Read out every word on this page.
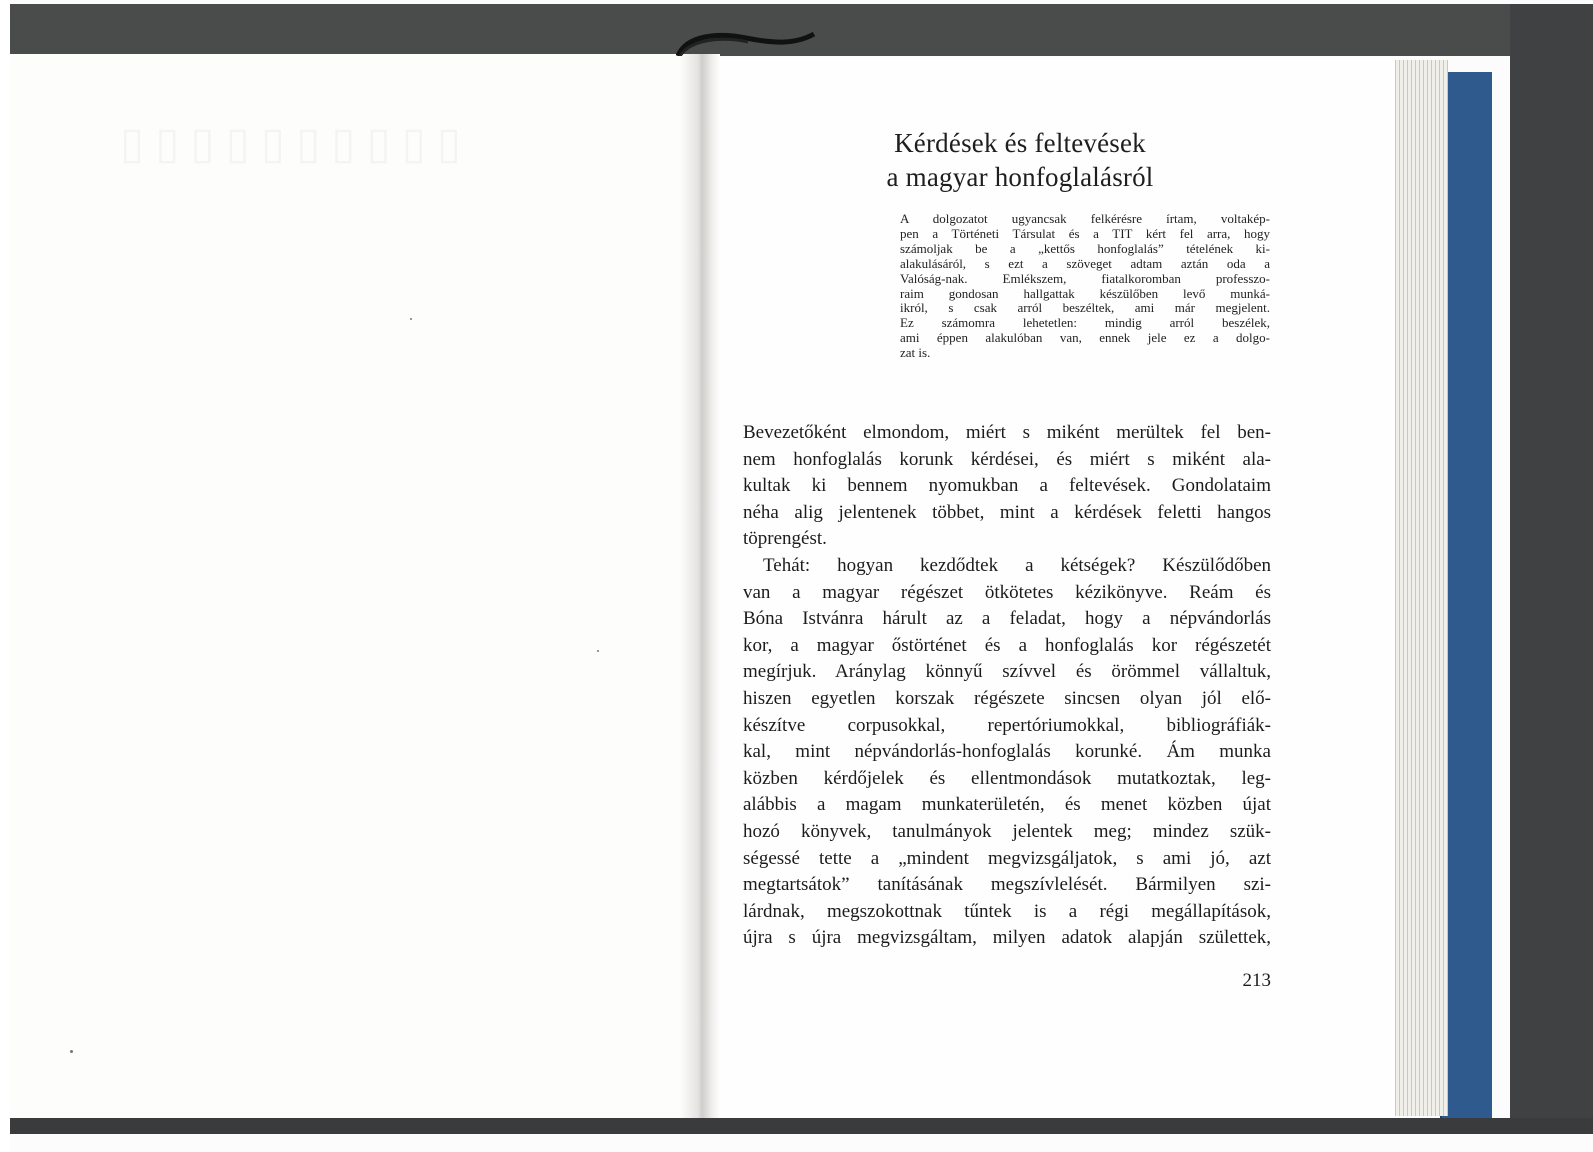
▯ ▯ ▯ ▯ ▯ ▯ ▯ ▯ ▯ ▯	Kérdések és feltevések
a magyar honfoglalásról
A dolgozatot ugyancsak felkérésre írtam, voltakép-
pen a Történeti Társulat és a TIT kért fel arra, hogy
számoljak be a „kettős honfoglalás” tételének ki-
alakulásáról, s ezt a szöveget adtam aztán oda a
Valóság-nak. Emlékszem, fiatalkoromban professzo-
raim gondosan hallgattak készülőben levő munká-
ikról, s csak arról beszéltek, ami már megjelent.
Ez számomra lehetetlen: mindig arról beszélek,
ami éppen alakulóban van, ennek jele ez a dolgo-
zat is.
Bevezetőként elmondom, miért s miként merültek fel ben-
nem honfoglalás korunk kérdései, és miért s miként ala-
kultak ki bennem nyomukban a feltevések. Gondolataim
néha alig jelentenek többet, mint a kérdések feletti hangos
töprengést.
Tehát: hogyan kezdődtek a kétségek? Készülődőben
van a magyar régészet ötkötetes kézikönyve. Reám és
Bóna Istvánra hárult az a feladat, hogy a népvándorlás
kor, a magyar őstörténet és a honfoglalás kor régészetét
megírjuk. Aránylag könnyű szívvel és örömmel vállaltuk,
hiszen egyetlen korszak régészete sincsen olyan jól elő-
készítve corpusokkal, repertóriumokkal, bibliográfiák-
kal, mint népvándorlás-honfoglalás korunké. Ám munka
közben kérdőjelek és ellentmondások mutatkoztak, leg-
alábbis a magam munkaterületén, és menet közben újat
hozó könyvek, tanulmányok jelentek meg; mindez szük-
ségessé tette a „mindent megvizsgáljatok, s ami jó, azt
megtartsátok” tanításának megszívlelését. Bármilyen szi-
lárdnak, megszokottnak tűntek is a régi megállapítások,
újra s újra megvizsgáltam, milyen adatok alapján születtek,
213
